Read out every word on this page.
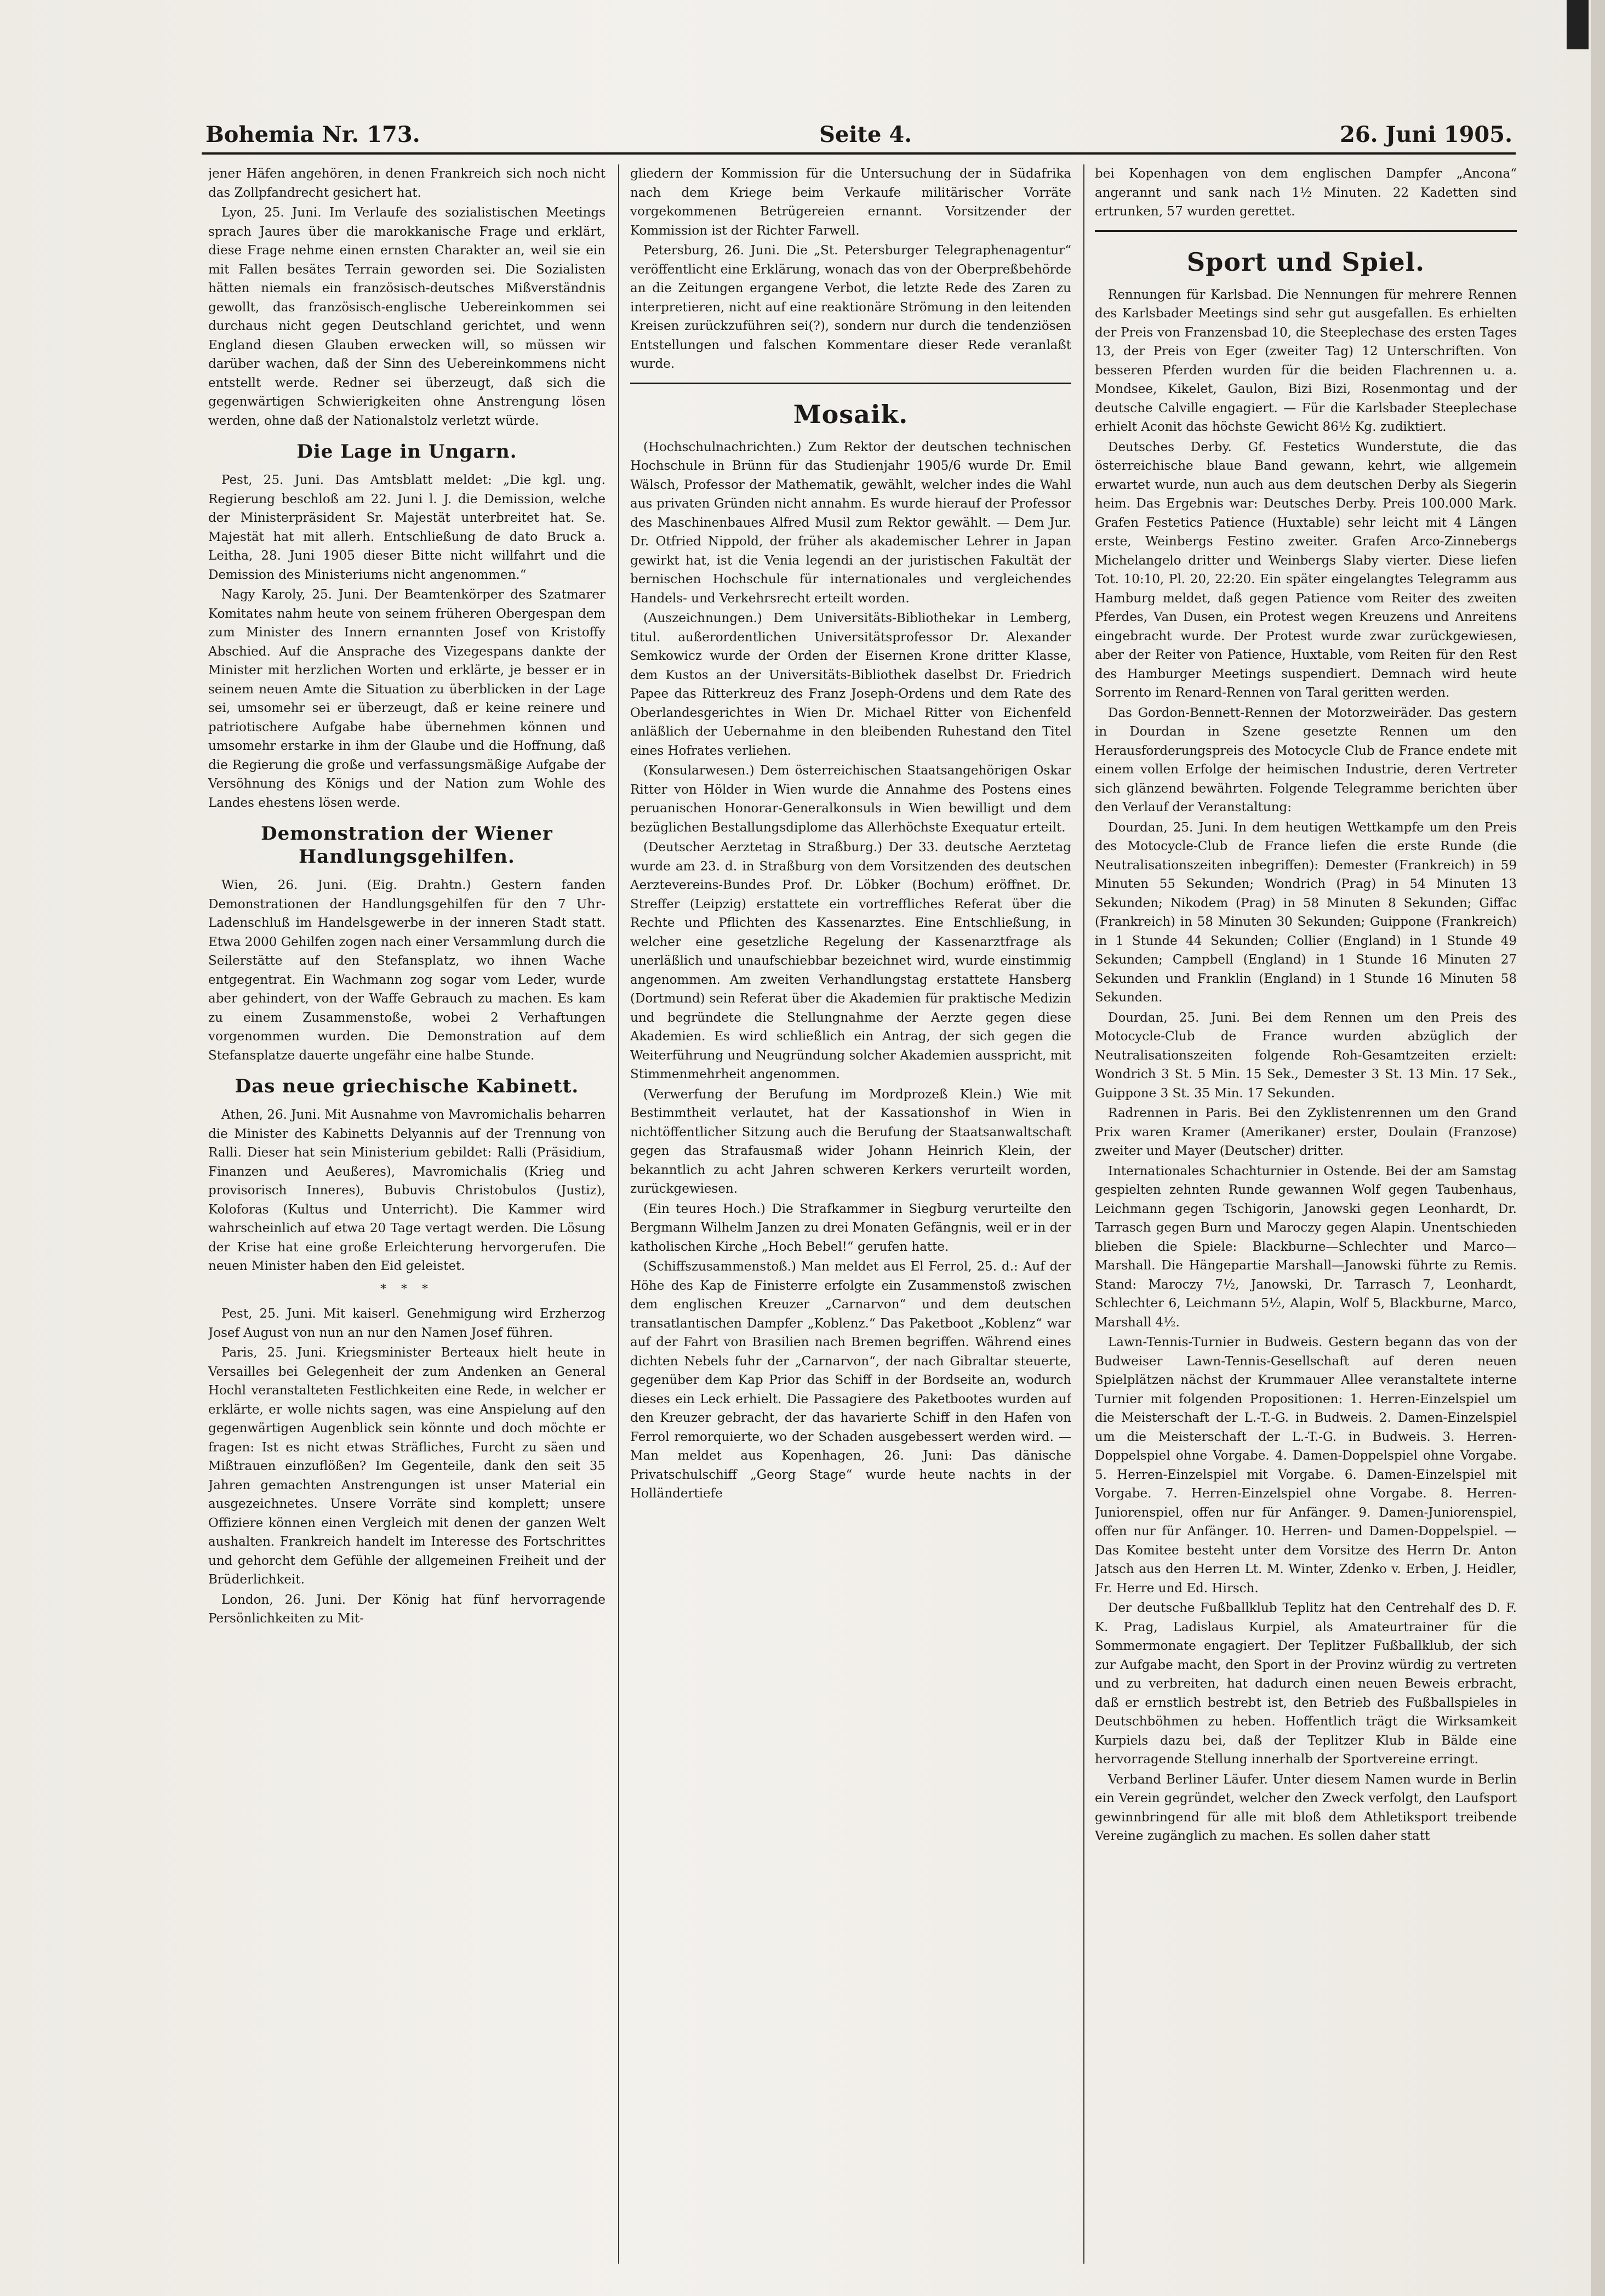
Bohemia Nr. 173.	Seite 4.	26. Juni 1905.

jener Häfen angehören, in denen Frankreich sich noch nicht das Zollpfandrecht gesichert hat.

Lyon, 25. Juni. Im Verlaufe des sozialistischen Meetings sprach Jaures über die marokkanische Frage und erklärt, diese Frage nehme einen ernsten Charakter an, weil sie ein mit Fallen besätes Terrain geworden sei. Die Sozialisten hätten niemals ein französisch-deutsches Mißverständnis gewollt, das französisch-englische Uebereinkommen sei durchaus nicht gegen Deutschland gerichtet, und wenn England diesen Glauben erwecken will, so müssen wir darüber wachen, daß der Sinn des Uebereinkommens nicht entstellt werde. Redner sei überzeugt, daß sich die gegenwärtigen Schwierigkeiten ohne Anstrengung lösen werden, ohne daß der Nationalstolz verletzt würde.

Die Lage in Ungarn.

Pest, 25. Juni. Das Amtsblatt meldet: „Die kgl. ung. Regierung beschloß am 22. Juni l. J. die Demission, welche der Ministerpräsident Sr. Majestät unterbreitet hat. Se. Majestät hat mit allerh. Entschließung de dato Bruck a. Leitha, 28. Juni 1905 dieser Bitte nicht willfahrt und die Demission des Ministeriums nicht angenommen.“

Nagy Karoly, 25. Juni. Der Beamtenkörper des Szatmarer Komitates nahm heute von seinem früheren Obergespan dem zum Minister des Innern ernannten Josef von Kristoffy Abschied. Auf die Ansprache des Vizegespans dankte der Minister mit herzlichen Worten und erklärte, je besser er in seinem neuen Amte die Situation zu überblicken in der Lage sei, umsomehr sei er überzeugt, daß er keine reinere und patriotischere Aufgabe habe übernehmen können und umsomehr erstarke in ihm der Glaube und die Hoffnung, daß die Regierung die große und verfassungsmäßige Aufgabe der Versöhnung des Königs und der Nation zum Wohle des Landes ehestens lösen werde.

Demonstration der Wiener Handlungsgehilfen.

Wien, 26. Juni. (Eig. Drahtn.) Gestern fanden Demonstrationen der Handlungsgehilfen für den 7 Uhr-Ladenschluß im Handelsgewerbe in der inneren Stadt statt. Etwa 2000 Gehilfen zogen nach einer Versammlung durch die Seilerstätte auf den Stefansplatz, wo ihnen Wache entgegentrat. Ein Wachmann zog sogar vom Leder, wurde aber gehindert, von der Waffe Gebrauch zu machen. Es kam zu einem Zusammenstoße, wobei 2 Verhaftungen vorgenommen wurden. Die Demonstration auf dem Stefansplatze dauerte ungefähr eine halbe Stunde.

Das neue griechische Kabinett.

Athen, 26. Juni. Mit Ausnahme von Mavromichalis beharren die Minister des Kabinetts Delyannis auf der Trennung von Ralli. Dieser hat sein Ministerium gebildet: Ralli (Präsidium, Finanzen und Aeußeres), Mavromichalis (Krieg und provisorisch Inneres), Bubuvis Christobulos (Justiz), Koloforas (Kultus und Unterricht). Die Kammer wird wahrscheinlich auf etwa 20 Tage vertagt werden. Die Lösung der Krise hat eine große Erleichterung hervorgerufen. Die neuen Minister haben den Eid geleistet.

* * *

Pest, 25. Juni. Mit kaiserl. Genehmigung wird Erzherzog Josef August von nun an nur den Namen Josef führen.

Paris, 25. Juni. Kriegsminister Berteaux hielt heute in Versailles bei Gelegenheit der zum Andenken an General Hochl veranstalteten Festlichkeiten eine Rede, in welcher er erklärte, er wolle nichts sagen, was eine Anspielung auf den gegenwärtigen Augenblick sein könnte und doch möchte er fragen: Ist es nicht etwas Sträfliches, Furcht zu säen und Mißtrauen einzuflößen? Im Gegenteile, dank den seit 35 Jahren gemachten Anstrengungen ist unser Material ein ausgezeichnetes. Unsere Vorräte sind komplett; unsere Offiziere können einen Vergleich mit denen der ganzen Welt aushalten. Frankreich handelt im Interesse des Fortschrittes und gehorcht dem Gefühle der allgemeinen Freiheit und der Brüderlichkeit.

London, 26. Juni. Der König hat fünf hervorragende Persönlichkeiten zu Mit-

gliedern der Kommission für die Untersuchung der in Südafrika nach dem Kriege beim Verkaufe militärischer Vorräte vorgekommenen Betrügereien ernannt. Vorsitzender der Kommission ist der Richter Farwell.

Petersburg, 26. Juni. Die „St. Petersburger Telegraphenagentur“ veröffentlicht eine Erklärung, wonach das von der Oberpreßbehörde an die Zeitungen ergangene Verbot, die letzte Rede des Zaren zu interpretieren, nicht auf eine reaktionäre Strömung in den leitenden Kreisen zurückzuführen sei(?), sondern nur durch die tendenziösen Entstellungen und falschen Kommentare dieser Rede veranlaßt wurde.

Mosaik.

(Hochschulnachrichten.) Zum Rektor der deutschen technischen Hochschule in Brünn für das Studienjahr 1905/6 wurde Dr. Emil Wälsch, Professor der Mathematik, gewählt, welcher indes die Wahl aus privaten Gründen nicht annahm. Es wurde hierauf der Professor des Maschinenbaues Alfred Musil zum Rektor gewählt. — Dem Jur. Dr. Otfried Nippold, der früher als akademischer Lehrer in Japan gewirkt hat, ist die Venia legendi an der juristischen Fakultät der bernischen Hochschule für internationales und vergleichendes Handels- und Verkehrsrecht erteilt worden.

(Auszeichnungen.) Dem Universitäts-Bibliothekar in Lemberg, titul. außerordentlichen Universitätsprofessor Dr. Alexander Semkowicz wurde der Orden der Eisernen Krone dritter Klasse, dem Kustos an der Universitäts-Bibliothek daselbst Dr. Friedrich Papee das Ritterkreuz des Franz Joseph-Ordens und dem Rate des Oberlandesgerichtes in Wien Dr. Michael Ritter von Eichenfeld anläßlich der Uebernahme in den bleibenden Ruhestand den Titel eines Hofrates verliehen.

(Konsularwesen.) Dem österreichischen Staatsangehörigen Oskar Ritter von Hölder in Wien wurde die Annahme des Postens eines peruanischen Honorar-Generalkonsuls in Wien bewilligt und dem bezüglichen Bestallungsdiplome das Allerhöchste Exequatur erteilt.

(Deutscher Aerztetag in Straßburg.) Der 33. deutsche Aerztetag wurde am 23. d. in Straßburg von dem Vorsitzenden des deutschen Aerztevereins-Bundes Prof. Dr. Löbker (Bochum) eröffnet. Dr. Streffer (Leipzig) erstattete ein vortreffliches Referat über die Rechte und Pflichten des Kassenarztes. Eine Entschließung, in welcher eine gesetzliche Regelung der Kassenarztfrage als unerläßlich und unaufschiebbar bezeichnet wird, wurde einstimmig angenommen. Am zweiten Verhandlungstag erstattete Hansberg (Dortmund) sein Referat über die Akademien für praktische Medizin und begründete die Stellungnahme der Aerzte gegen diese Akademien. Es wird schließlich ein Antrag, der sich gegen die Weiterführung und Neugründung solcher Akademien ausspricht, mit Stimmenmehrheit angenommen.

(Verwerfung der Berufung im Mordprozeß Klein.) Wie mit Bestimmtheit verlautet, hat der Kassationshof in Wien in nichtöffentlicher Sitzung auch die Berufung der Staatsanwaltschaft gegen das Strafausmaß wider Johann Heinrich Klein, der bekanntlich zu acht Jahren schweren Kerkers verurteilt worden, zurückgewiesen.

(Ein teures Hoch.) Die Strafkammer in Siegburg verurteilte den Bergmann Wilhelm Janzen zu drei Monaten Gefängnis, weil er in der katholischen Kirche „Hoch Bebel!“ gerufen hatte.

(Schiffszusammenstoß.) Man meldet aus El Ferrol, 25. d.: Auf der Höhe des Kap de Finisterre erfolgte ein Zusammenstoß zwischen dem englischen Kreuzer „Carnarvon“ und dem deutschen transatlantischen Dampfer „Koblenz.“ Das Paketboot „Koblenz“ war auf der Fahrt von Brasilien nach Bremen begriffen. Während eines dichten Nebels fuhr der „Carnarvon“, der nach Gibraltar steuerte, gegenüber dem Kap Prior das Schiff in der Bordseite an, wodurch dieses ein Leck erhielt. Die Passagiere des Paketbootes wurden auf den Kreuzer gebracht, der das havarierte Schiff in den Hafen von Ferrol remorquierte, wo der Schaden ausgebessert werden wird. — Man meldet aus Kopenhagen, 26. Juni: Das dänische Privatschulschiff „Georg Stage“ wurde heute nachts in der Holländertiefe

bei Kopenhagen von dem englischen Dampfer „Ancona“ angerannt und sank nach 1½ Minuten. 22 Kadetten sind ertrunken, 57 wurden gerettet.

Sport und Spiel.

Rennungen für Karlsbad. Die Nennungen für mehrere Rennen des Karlsbader Meetings sind sehr gut ausgefallen. Es erhielten der Preis von Franzensbad 10, die Steeplechase des ersten Tages 13, der Preis von Eger (zweiter Tag) 12 Unterschriften. Von besseren Pferden wurden für die beiden Flachrennen u. a. Mondsee, Kikelet, Gaulon, Bizi Bizi, Rosenmontag und der deutsche Calville engagiert. — Für die Karlsbader Steeplechase erhielt Aconit das höchste Gewicht 86½ Kg. zudiktiert.

Deutsches Derby. Gf. Festetics Wunderstute, die das österreichische blaue Band gewann, kehrt, wie allgemein erwartet wurde, nun auch aus dem deutschen Derby als Siegerin heim. Das Ergebnis war: Deutsches Derby. Preis 100.000 Mark. Grafen Festetics Patience (Huxtable) sehr leicht mit 4 Längen erste, Weinbergs Festino zweiter. Grafen Arco-Zinnebergs Michelangelo dritter und Weinbergs Slaby vierter. Diese liefen Tot. 10:10, Pl. 20, 22:20. Ein später eingelangtes Telegramm aus Hamburg meldet, daß gegen Patience vom Reiter des zweiten Pferdes, Van Dusen, ein Protest wegen Kreuzens und Anreitens eingebracht wurde. Der Protest wurde zwar zurückgewiesen, aber der Reiter von Patience, Huxtable, vom Reiten für den Rest des Hamburger Meetings suspendiert. Demnach wird heute Sorrento im Renard-Rennen von Taral geritten werden.

Das Gordon-Bennett-Rennen der Motorzweiräder. Das gestern in Dourdan in Szene gesetzte Rennen um den Herausforderungspreis des Motocycle Club de France endete mit einem vollen Erfolge der heimischen Industrie, deren Vertreter sich glänzend bewährten. Folgende Telegramme berichten über den Verlauf der Veranstaltung:

Dourdan, 25. Juni. In dem heutigen Wettkampfe um den Preis des Motocycle-Club de France liefen die erste Runde (die Neutralisationszeiten inbegriffen): Demester (Frankreich) in 59 Minuten 55 Sekunden; Wondrich (Prag) in 54 Minuten 13 Sekunden; Nikodem (Prag) in 58 Minuten 8 Sekunden; Giffac (Frankreich) in 58 Minuten 30 Sekunden; Guippone (Frankreich) in 1 Stunde 44 Sekunden; Collier (England) in 1 Stunde 49 Sekunden; Campbell (England) in 1 Stunde 16 Minuten 27 Sekunden und Franklin (England) in 1 Stunde 16 Minuten 58 Sekunden.

Dourdan, 25. Juni. Bei dem Rennen um den Preis des Motocycle-Club de France wurden abzüglich der Neutralisationszeiten folgende Roh-Gesamtzeiten erzielt: Wondrich 3 St. 5 Min. 15 Sek., Demester 3 St. 13 Min. 17 Sek., Guippone 3 St. 35 Min. 17 Sekunden.

Radrennen in Paris. Bei den Zyklistenrennen um den Grand Prix waren Kramer (Amerikaner) erster, Doulain (Franzose) zweiter und Mayer (Deutscher) dritter.

Internationales Schachturnier in Ostende. Bei der am Samstag gespielten zehnten Runde gewannen Wolf gegen Taubenhaus, Leichmann gegen Tschigorin, Janowski gegen Leonhardt, Dr. Tarrasch gegen Burn und Maroczy gegen Alapin. Unentschieden blieben die Spiele: Blackburne—Schlechter und Marco—Marshall. Die Hängepartie Marshall—Janowski führte zu Remis. Stand: Maroczy 7½, Janowski, Dr. Tarrasch 7, Leonhardt, Schlechter 6, Leichmann 5½, Alapin, Wolf 5, Blackburne, Marco, Marshall 4½.

Lawn-Tennis-Turnier in Budweis. Gestern begann das von der Budweiser Lawn-Tennis-Gesellschaft auf deren neuen Spielplätzen nächst der Krummauer Allee veranstaltete interne Turnier mit folgenden Propositionen: 1. Herren-Einzelspiel um die Meisterschaft der L.-T.-G. in Budweis. 2. Damen-Einzelspiel um die Meisterschaft der L.-T.-G. in Budweis. 3. Herren-Doppelspiel ohne Vorgabe. 4. Damen-Doppelspiel ohne Vorgabe. 5. Herren-Einzelspiel mit Vorgabe. 6. Damen-Einzelspiel mit Vorgabe. 7. Herren-Einzelspiel ohne Vorgabe. 8. Herren-Juniorenspiel, offen nur für Anfänger. 9. Damen-Juniorenspiel, offen nur für Anfänger. 10. Herren- und Damen-Doppelspiel. — Das Komitee besteht unter dem Vorsitze des Herrn Dr. Anton Jatsch aus den Herren Lt. M. Winter, Zdenko v. Erben, J. Heidler, Fr. Herre und Ed. Hirsch.

Der deutsche Fußballklub Teplitz hat den Centrehalf des D. F. K. Prag, Ladislaus Kurpiel, als Amateurtrainer für die Sommermonate engagiert. Der Teplitzer Fußballklub, der sich zur Aufgabe macht, den Sport in der Provinz würdig zu vertreten und zu verbreiten, hat dadurch einen neuen Beweis erbracht, daß er ernstlich bestrebt ist, den Betrieb des Fußballspieles in Deutschböhmen zu heben. Hoffentlich trägt die Wirksamkeit Kurpiels dazu bei, daß der Teplitzer Klub in Bälde eine hervorragende Stellung innerhalb der Sportvereine erringt.

Verband Berliner Läufer. Unter diesem Namen wurde in Berlin ein Verein gegründet, welcher den Zweck verfolgt, den Laufsport gewinnbringend für alle mit bloß dem Athletiksport treibende Vereine zugänglich zu machen. Es sollen daher statt
